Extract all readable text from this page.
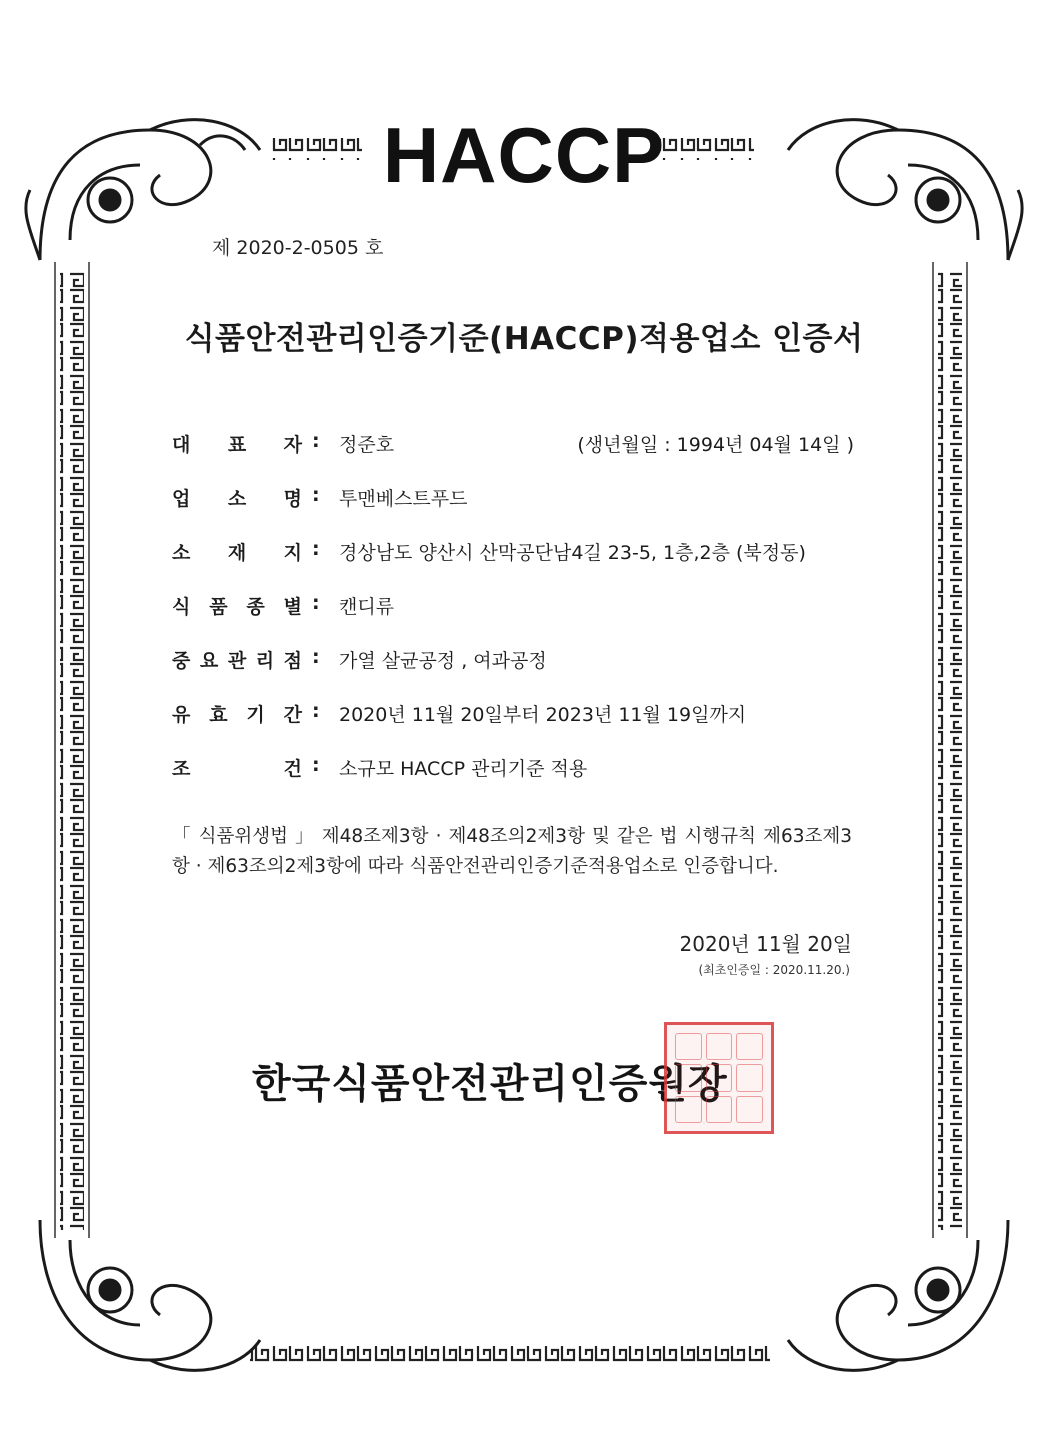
HACCP
제 2020-2-0505 호
식품안전관리인증기준(HACCP)적용업소 인증서
대 표 자 : 정준호	(생년월일 : 1994년 04월 14일 )
업 소 명 : 투맨베스트푸드
소 재 지 : 경상남도 양산시 산막공단남4길 23-5, 1층,2층 (북정동)
식 품 종 별 : 캔디류
중 요 관 리 점 : 가열 살균공정 , 여과공정
유 효 기 간 : 2020년 11월 20일부터 2023년 11월 19일까지
조	건 : 소규모 HACCP 관리기준 적용
「 식품위생법 」 제48조제3항 · 제48조의2제3항 및 같은 법 시행규칙 제63조제3항 · 제63조의2제3항에 따라 식품안전관리인증기준적용업소로 인증합니다.
2020년 11월 20일
(최초인증일 : 2020.11.20.)
한국식품안전관리인증원장
